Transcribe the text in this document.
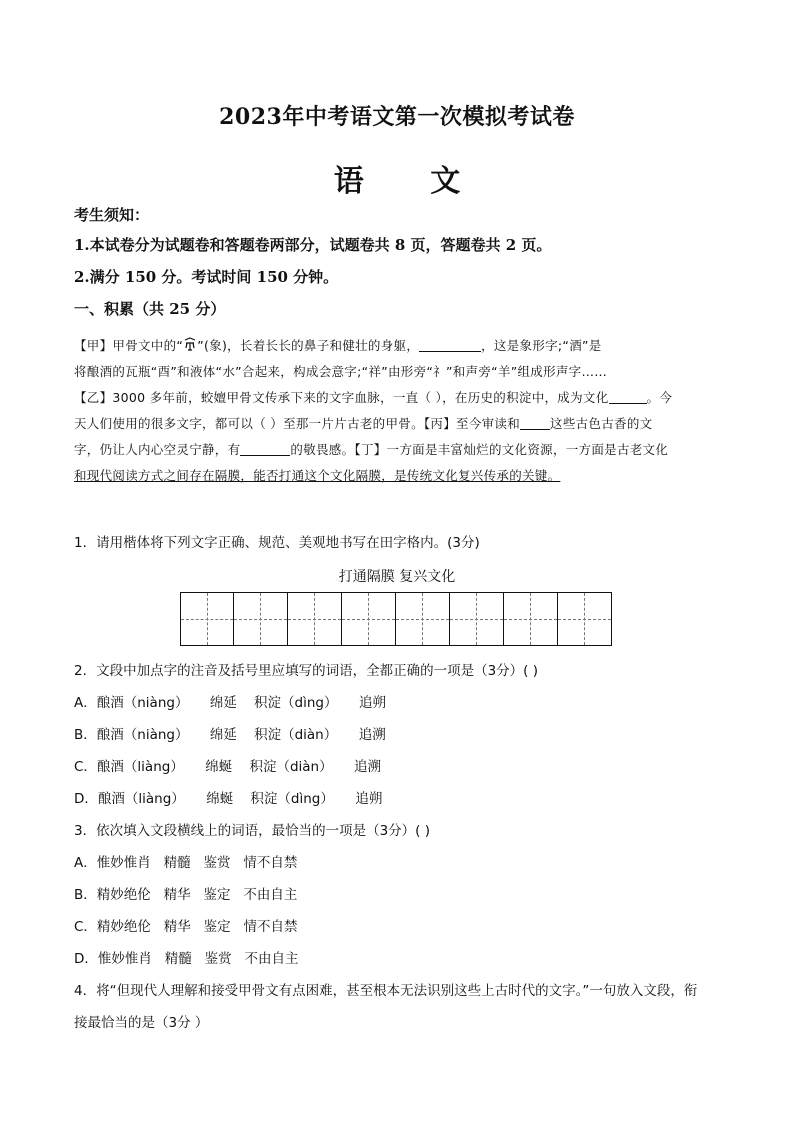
2023年中考语文第一次模拟考试卷
语 文
考生须知：
1.本试卷分为试题卷和答题卷两部分，试题卷共 8 页，答题卷共 2 页。
2.满分 150 分。考试时间 150 分钟。
一、积累（共 25 分）

【甲】甲骨文中的“ ”(象)，长着长长的鼻子和健壮的身躯，	，这是象形字;“酒”是

将酿酒的瓦瓶“酉”和液体“水”合起来，构成会意字;“祥”由形旁“礻”和声旁“羊”组成形声字……

【乙】3000 多年前，蛟嬗甲骨文传承下来的文字血脉，一直（ ），在历史的积淀中，成为文化	。今

天人们使用的很多文字，都可以（ ）至那一片片古老的甲骨。【丙】至今审读和 这些古色古香的文

字，仍让人内心空灵宁静，有	的敬畏感。【丁】一方面是丰富灿烂的文化资源，一方面是古老文化

和现代阅读方式之间存在隔膜，能否打通这个文化隔膜，是传统文化复兴传承的关键。

1．请用楷体将下列文字正确、规范、美观地书写在田字格内。(3分)
打通隔膜 复兴文化
2．文段中加点字的注音及括号里应填写的词语，全都正确的一项是（3分）( )
A．酿酒（niàng）     绵延    积淀（dìng）     追朔
B．酿酒（niàng）     绵延    积淀（diàn）     追溯
C．酿酒（liàng）     绵蜒    积淀（diàn）     追溯
D．酿酒（liàng）     绵蜒    积淀（dìng）     追朔
3．依次填入文段横线上的词语，最恰当的一项是（3分）( )
A．惟妙惟肖   精髓   鉴赏   情不自禁
B．精妙绝伦   精华   鉴定   不由自主
C．精妙绝伦   精华   鉴定   情不自禁
D．惟妙惟肖   精髓   鉴赏   不由自主
4．将“但现代人理解和接受甲骨文有点困难，甚至根本无法识别这些上古时代的文字。”一句放入文段，衔
接最恰当的是（3分 ）
